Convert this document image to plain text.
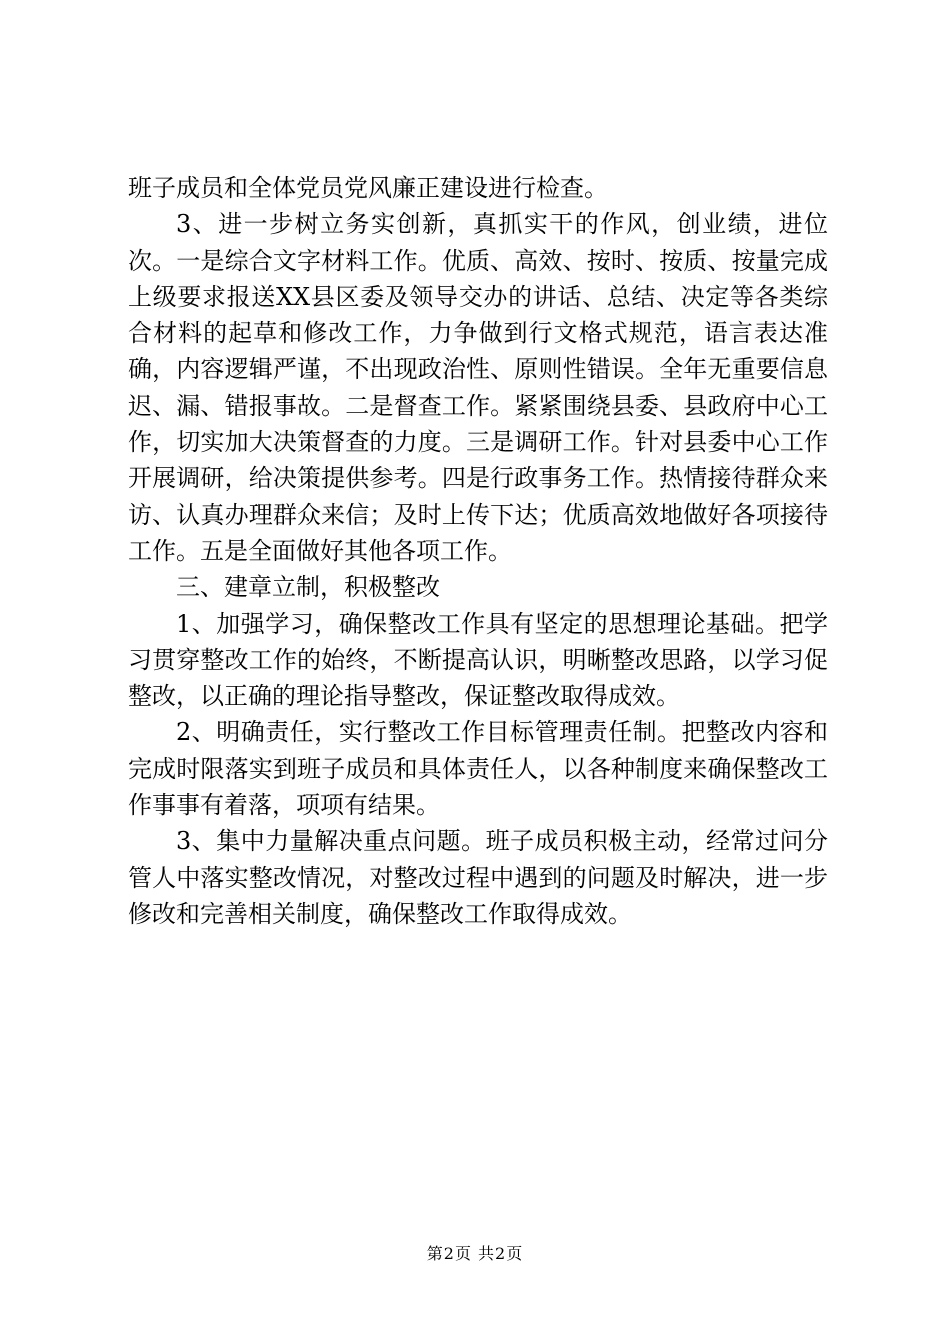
班子成员和全体党员党风廉正建设进行检查。

3、进一步树立务实创新，真抓实干的作风，创业绩，进位次。一是综合文字材料工作。优质、高效、按时、按质、按量完成上级要求报送XX县区委及领导交办的讲话、总结、决定等各类综合材料的起草和修改工作，力争做到行文格式规范，语言表达准确，内容逻辑严谨，不出现政治性、原则性错误。全年无重要信息迟、漏、错报事故。二是督查工作。紧紧围绕县委、县政府中心工作，切实加大决策督查的力度。三是调研工作。针对县委中心工作开展调研，给决策提供参考。四是行政事务工作。热情接待群众来访、认真办理群众来信；及时上传下达；优质高效地做好各项接待工作。五是全面做好其他各项工作。

三、建章立制，积极整改

1、加强学习，确保整改工作具有坚定的思想理论基础。把学习贯穿整改工作的始终，不断提高认识，明晰整改思路，以学习促整改，以正确的理论指导整改，保证整改取得成效。

2、明确责任，实行整改工作目标管理责任制。把整改内容和完成时限落实到班子成员和具体责任人，以各种制度来确保整改工作事事有着落，项项有结果。

3、集中力量解决重点问题。班子成员积极主动，经常过问分管人中落实整改情况，对整改过程中遇到的问题及时解决，进一步修改和完善相关制度，确保整改工作取得成效。

第2页 共2页
